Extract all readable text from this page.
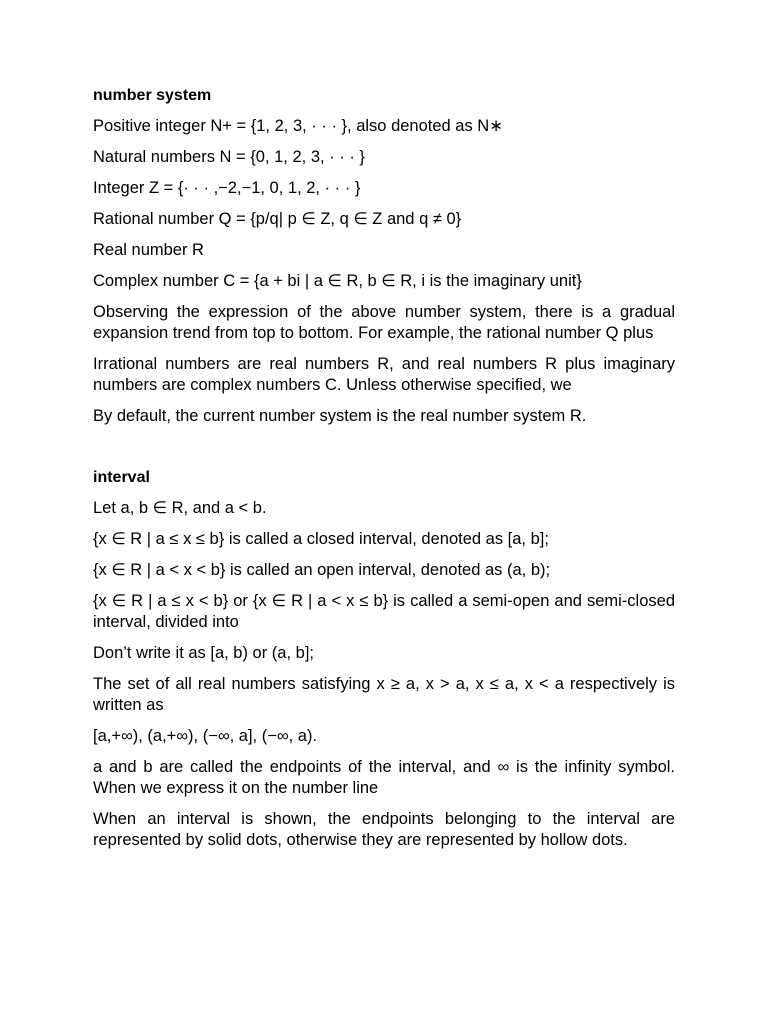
number system

Positive integer N+ = {1, 2, 3, · · · }, also denoted as N∗

Natural numbers N = {0, 1, 2, 3, · · · }

Integer Z = {· · · ,−2,−1, 0, 1, 2, · · · }

Rational number Q = {p/q| p ∈ Z, q ∈ Z and q ≠ 0}

Real number R

Complex number C = {a + bi | a ∈ R, b ∈ R, i is the imaginary unit}

Observing the expression of the above number system, there is a gradual expansion trend from top to bottom. For example, the rational number Q plus

Irrational numbers are real numbers R, and real numbers R plus imaginary numbers are complex numbers C. Unless otherwise specified, we

By default, the current number system is the real number system R.

interval

Let a, b ∈ R, and a < b.

{x ∈ R | a ≤ x ≤ b} is called a closed interval, denoted as [a, b];

{x ∈ R | a < x < b} is called an open interval, denoted as (a, b);

{x ∈ R | a ≤ x < b} or {x ∈ R | a < x ≤ b} is called a semi-open and semi-closed interval, divided into

Don’t write it as [a, b) or (a, b];

The set of all real numbers satisfying x ≥ a, x > a, x ≤ a, x < a respectively is written as

[a,+∞), (a,+∞), (−∞, a], (−∞, a).

a and b are called the endpoints of the interval, and ∞ is the infinity symbol. When we express it on the number line

When an interval is shown, the endpoints belonging to the interval are represented by solid dots, otherwise they are represented by hollow dots.
